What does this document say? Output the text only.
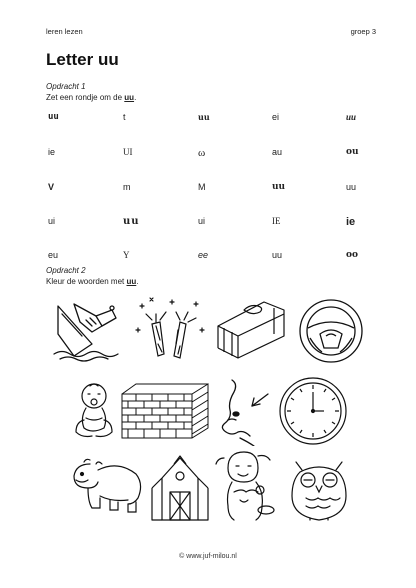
leren lezen	groep 3
Letter uu
Opdracht 1
Zet een rondje om de uu.
uu	t	uu	ei	uu
ie	UI	ω	au	ou
V	m	M	uu	uu
ui	uu	ui	IE	ie
eu	Y	ee	uu	oo
Opdracht 2
Kleur de woorden met uu.
© www.juf-milou.nl
